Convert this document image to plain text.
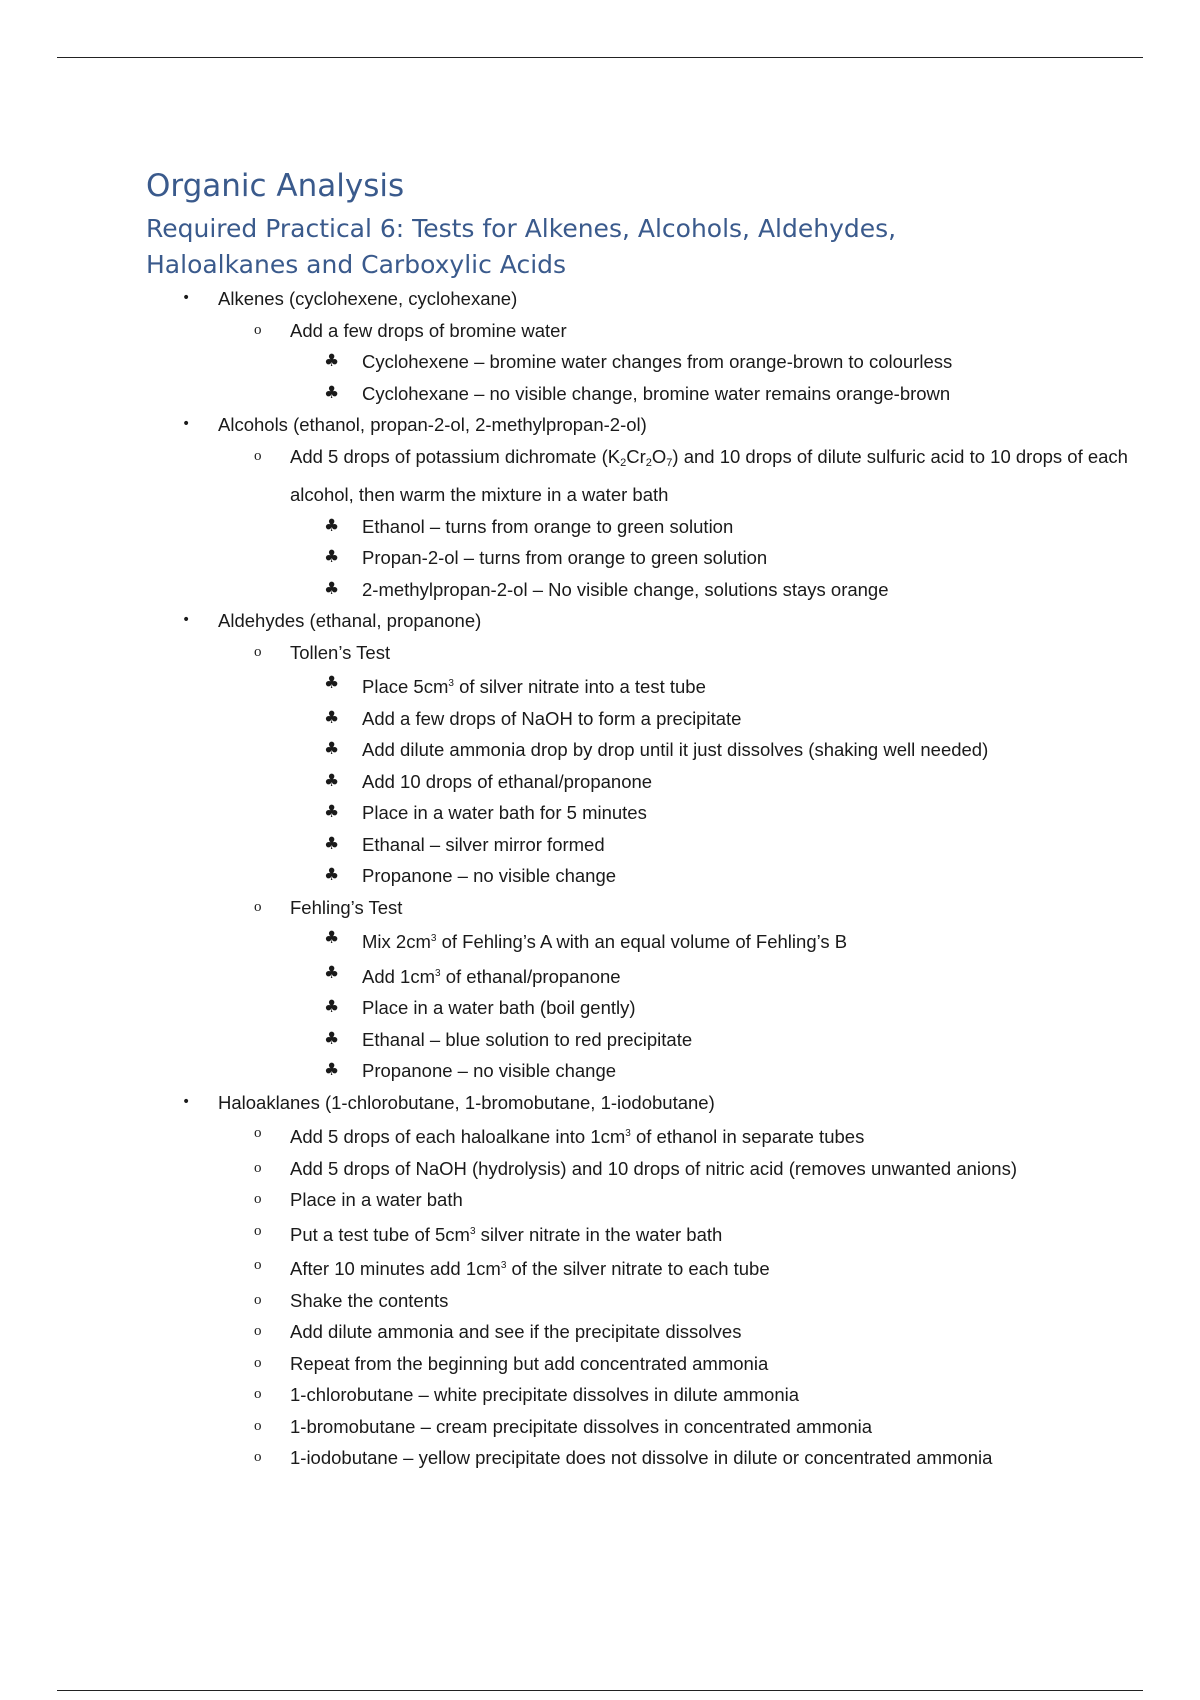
Organic Analysis
Required Practical 6: Tests for Alkenes, Alcohols, Aldehydes, Haloalkanes and Carboxylic Acids
•	Alkenes (cyclohexene, cyclohexane)
o	Add a few drops of bromine water
♣ Cyclohexene – bromine water changes from orange-brown to colourless
♣ Cyclohexane – no visible change, bromine water remains orange-brown
•	Alcohols (ethanol, propan-2-ol, 2-methylpropan-2-ol)
o	Add 5 drops of potassium dichromate $(K_2Cr_2O_7)$ and 10 drops of dilute sulfuric acid to 10 drops of each alcohol, then warm the mixture in a water bath
♣ Ethanol – turns from orange to green solution
♣ Propan-2-ol – turns from orange to green solution
♣ 2-methylpropan-2-ol – No visible change, solutions stays orange
•	Aldehydes (ethanal, propanone)
o	Tollen’s Test
♣ Place $5cm^3$ of silver nitrate into a test tube
♣ Add a few drops of NaOH to form a precipitate
♣ Add dilute ammonia drop by drop until it just dissolves (shaking well needed)
♣ Add 10 drops of ethanal/propanone
♣ Place in a water bath for 5 minutes
♣ Ethanal – silver mirror formed
♣ Propanone – no visible change
o	Fehling’s Test
♣ Mix $2cm^3$ of Fehling’s A with an equal volume of Fehling’s B
♣ Add $1cm^3$ of ethanal/propanone
♣ Place in a water bath (boil gently)
♣ Ethanal – blue solution to red precipitate
♣ Propanone – no visible change
•	Haloaklanes (1-chlorobutane, 1-bromobutane, 1-iodobutane)
o	Add 5 drops of each haloalkane into $1cm^3$ of ethanol in separate tubes
o	Add 5 drops of NaOH (hydrolysis) and 10 drops of nitric acid (removes unwanted anions)
o	Place in a water bath
o	Put a test tube of $5cm^3$ silver nitrate in the water bath
o	After 10 minutes add $1cm^3$ of the silver nitrate to each tube
o	Shake the contents
o	Add dilute ammonia and see if the precipitate dissolves
o	Repeat from the beginning but add concentrated ammonia
o	1-chlorobutane – white precipitate dissolves in dilute ammonia
o	1-bromobutane – cream precipitate dissolves in concentrated ammonia
o	1-iodobutane – yellow precipitate does not dissolve in dilute or concentrated ammonia
